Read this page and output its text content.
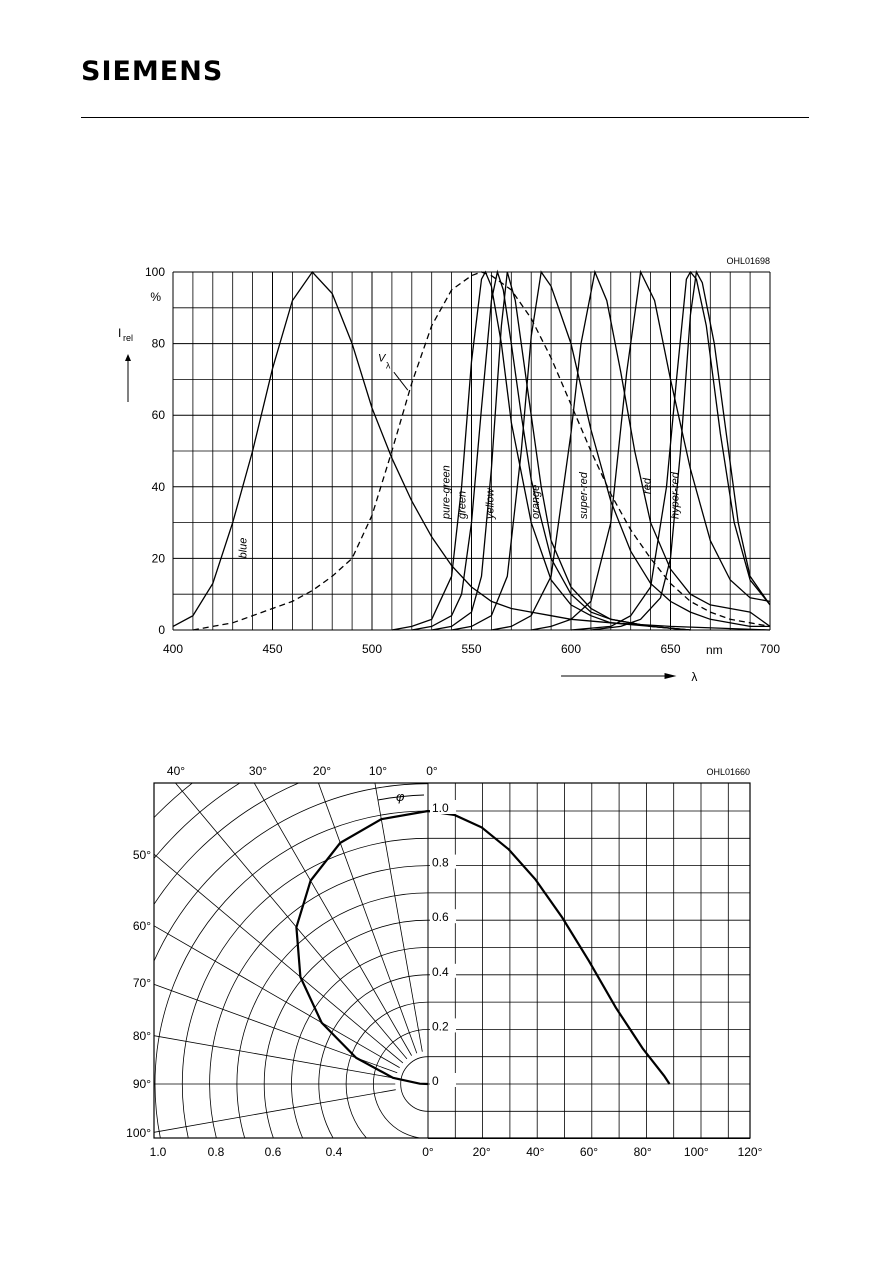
SIEMENS
400	450	500	550	600	650	700
0
20
40
60
80
100
%
nm
λ
I rel
OHL01698
blue
pure-green green yellow	orange	super-red	red hyper-red
V
λ
1.0
0.8
0.6
0.4
0.2
0
40°	30°	20°	10°	0°
50°
60°
70°
80°
90°
100°
1.0	0.8	0.6	0.4	0°	20°	40°	60°	80°	100° 120°
OHL01660
φ
